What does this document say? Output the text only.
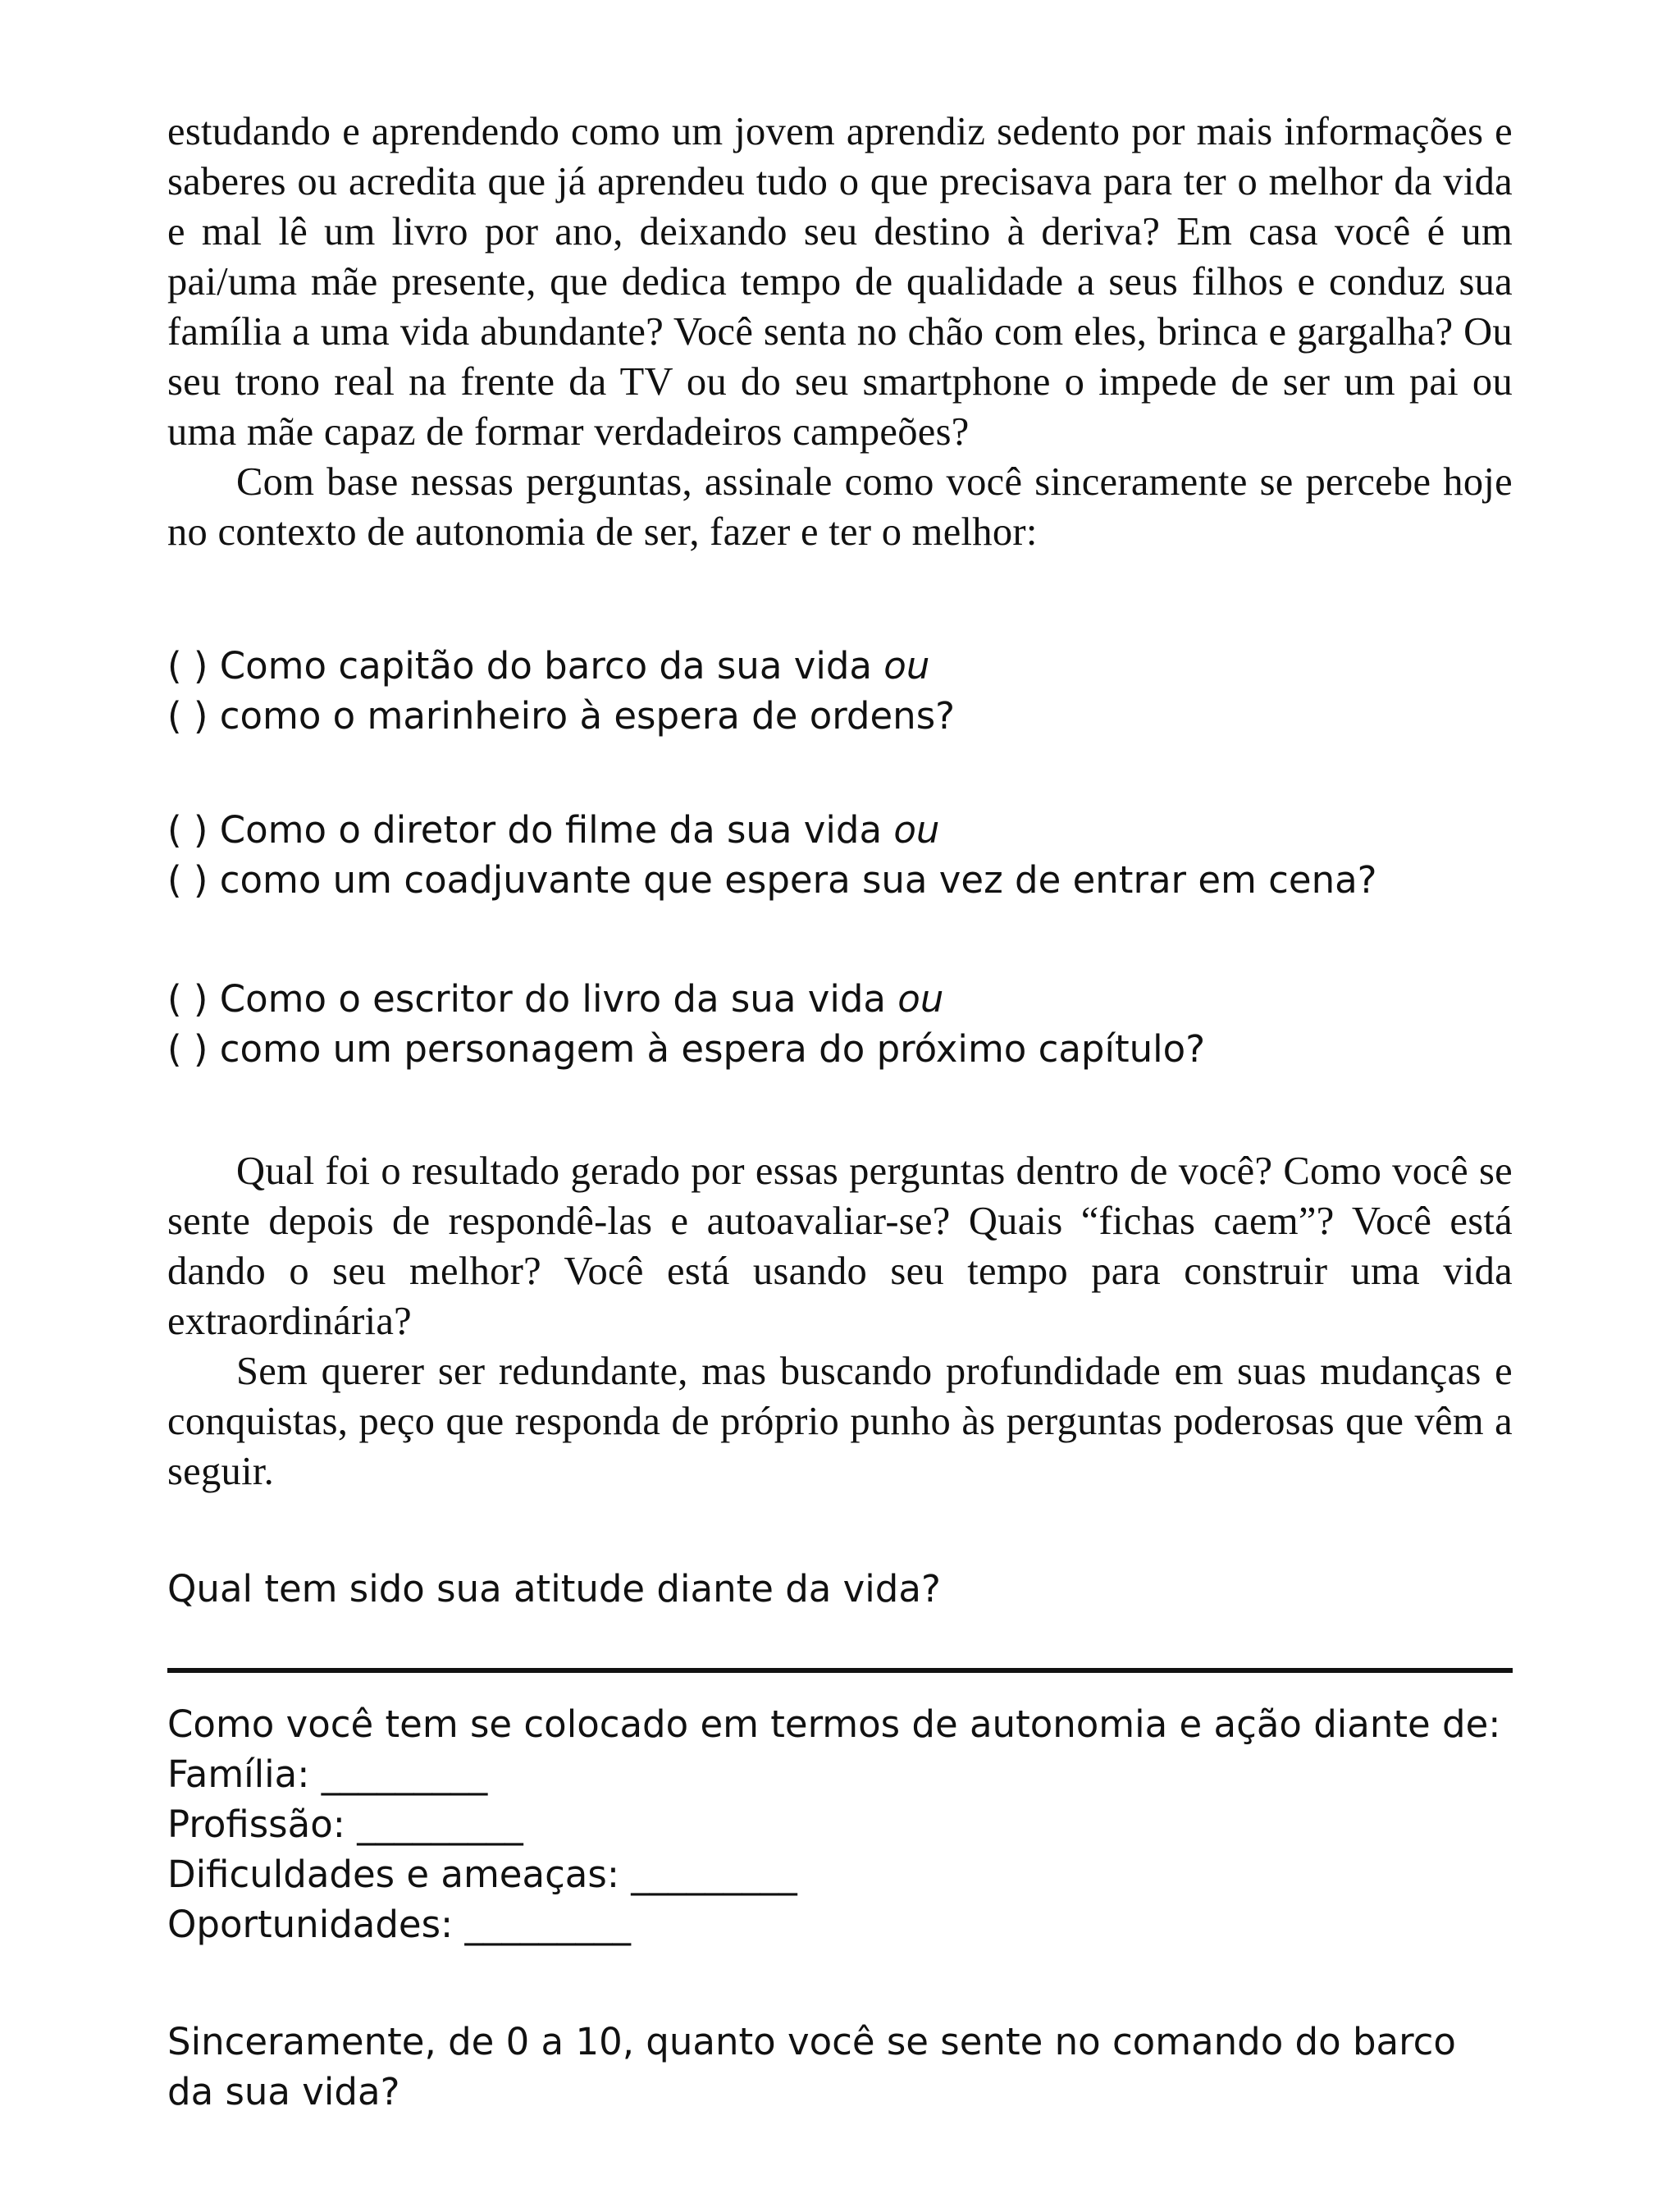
estudando e aprendendo como um jovem aprendiz sedento por mais informações e saberes ou acredita que já aprendeu tudo o que precisava para ter o melhor da vida e mal lê um livro por ano, deixando seu destino à deriva? Em casa você é um pai/uma mãe presente, que dedica tempo de qualidade a seus filhos e conduz sua família a uma vida abundante? Você senta no chão com eles, brinca e gargalha? Ou seu trono real na frente da TV ou do seu smartphone o impede de ser um pai ou uma mãe capaz de formar verdadeiros campeões?

Com base nessas perguntas, assinale como você sinceramente se percebe hoje no contexto de autonomia de ser, fazer e ter o melhor:

( ) Como capitão do barco da sua vida ou
( ) como o marinheiro à espera de ordens?
( ) Como o diretor do filme da sua vida ou
( ) como um coadjuvante que espera sua vez de entrar em cena?
( ) Como o escritor do livro da sua vida ou
( ) como um personagem à espera do próximo capítulo?

Qual foi o resultado gerado por essas perguntas dentro de você? Como você se sente depois de respondê-las e autoavaliar-se? Quais “fichas caem”? Você está dando o seu melhor? Você está usando seu tempo para construir uma vida extraordinária?

Sem querer ser redundante, mas buscando profundidade em suas mudanças e conquistas, peço que responda de próprio punho às perguntas poderosas que vêm a seguir.

Qual tem sido sua atitude diante da vida?
Como você tem se colocado em termos de autonomia e ação diante de:
Família: _________
Profissão: _________
Dificuldades e ameaças: _________
Oportunidades: _________
Sinceramente, de 0 a 10, quanto você se sente no comando do barco da sua vida?
